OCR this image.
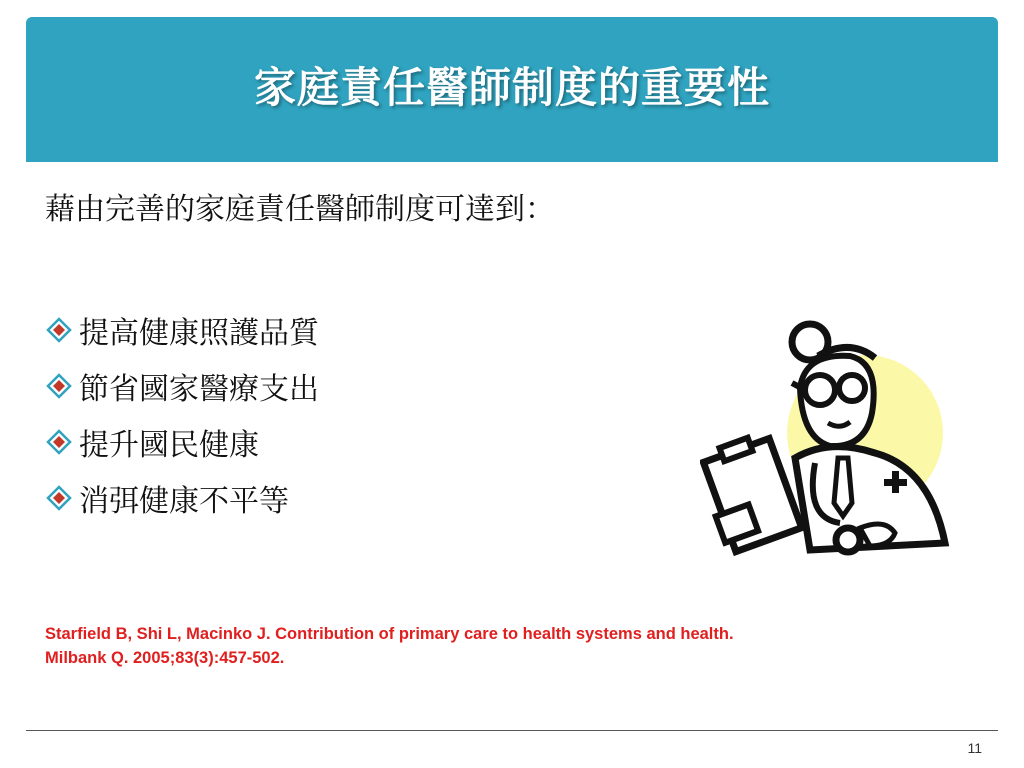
家庭責任醫師制度的重要性
藉由完善的家庭責任醫師制度可達到：
提高健康照護品質
節省國家醫療支出
提升國民健康
消弭健康不平等
Starfield B, Shi L, Macinko J. Contribution of primary care to health systems and health.
Milbank Q. 2005;83(3):457-502.
11
